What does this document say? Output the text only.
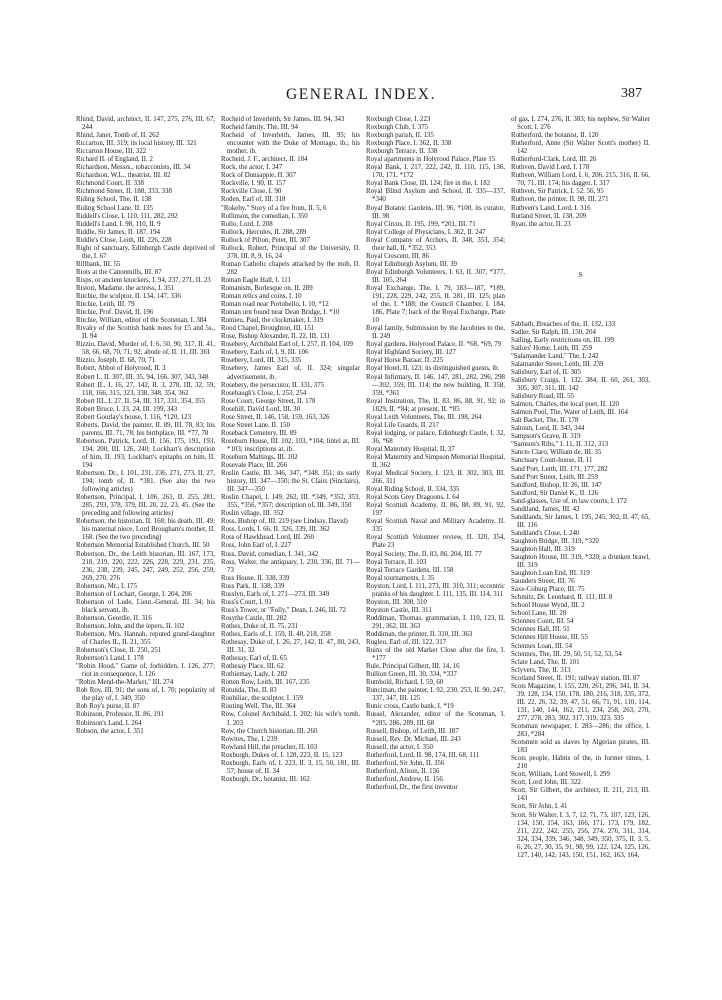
GENERAL INDEX.	387

Rhind, David, architect, II. 147, 275, 276, III. 67, 244

Rhind, Janet, Tomb of, II. 262

Riccarton, III. 319; its local history, III. 321

Riccarton House, III. 322

Richard II. of England, II. 2

Richardson, Messrs., tobacconists, III. 34

Richardson, W.L., theatrist, III. 82

Richmond Court, II. 338

Richmond Street, II. 188, 333, 338

Riding School, The, II. 138

Riding School Lane, II. 135

Riddell's Close, I. 110, 111, 282, 292

Riddell's Land, I. 98, 110, II. 9

Riddle, Sir James, II. 187, 194

Riddle's Close, Leith, III. 226, 228

Right of sanctuary, Edinburgh Castle deprived of the, I. 67

Rillbank, III. 55

Riots at the Canonmills, III. 87

Risps, or ancient knockers, I. 94, 237, 271, II. 23

Ristori, Madame, the actress, I. 351

Ritchie, the sculptor, II. 134, 147, 336

Ritchie, Leith, III. 79

Ritchie, Prof. David, II. 196

Ritchie, William, editor of the Scotsman, I. 384

Rivalry of the Scottish bank notes for £5 and 5s., II. 94

Rizzio, David, Murder of, I. 6, 50, 90, 317, II. 41, 58, 66, 68, 70, 71, 92; abode of, II. 11, III. 361

Rizzio, Joseph, II. 68, 70, 71

Robert, Abbot of Holyrood, II. 3

Robert I., II. 307, III. 35, 94, 166, 307, 343, 348

Robert II., I. 16, 27, 142, II. 3, 278, III. 32, 59, 118, 166, 315, 323, 338, 348, 354, 362

Robert III., I. 27, II. 54, III. 317, 331, 354, 355

Robert Bruce, I. 23, 24, III. 199, 343

Robert Gourlay's house, I. 116, *120, 123

Roberts, David, the painter, II. 89, III. 78, 83; his parents, III. 71, 78; his birthplace, III. *77, 78

Robertson, Patrick, Lord, II. 156, 175, 191, 193, 194, 200, III. 126, 240; Lockhart's description of him, II. 193; Lockhart's epitaphs on him, II. 194

Robertson, Dr., I. 101, 231, 236, 271, 273, II. 27, 194; tomb of, II. *381. (See also the two following articles)

Robertson, Principal, I. 106, 261, II. 255, 281, 285, 293, 378, 379, III. 20, 22, 23, 45. (See the preceding and following articles)

Robertson, the historian, II. 168; his death, III. 49; his maternal niece, Lord Brougham's mother, II. 168. (See the two preceding)

Robertson Memorial Established Church, III. 50

Robertson, Dr., the Leith historian, III. 167, 173, 218, 219, 220, 222, 226, 228, 229, 231, 235, 236, 238, 239, 245, 247, 249, 252, 256, 259, 269, 270, 276

Robertson, Mr., I. 175

Robertson of Lochart, George, I. 204, 206

Robertson of Lude, Lieut.-General, III. 34; his black servant, ib.

Robertson, Geordie, II. 316

Robertson, John, and the lepers, II. 102

Robertson, Mrs. Hannah, reputed grand-daughter of Charles II., II. 21, 355

Robertson's Close, II. 250, 251

Robertson's Land, I. 178

"Robin Hood," Game of, forbidden, I. 126, 277; riot in consequence, I. 126

"Robin Mend-the-Market," III. 274

Rob Roy, III. 91; the sons of, I. 70; popularity of the play of, I. 349, 350

Rob Roy's purse, II. 87

Robinson, Professor, II. 86, 191

Robinson's Land, I. 264

Robson, the actor, I. 351

Rocheid of Inverleith, Sir James, III. 94, 343

Rocheid family, The, III. 94

Rocheid of Inverleith, James, III. 95; his encounter with the Duke of Montagu, ib.; his mother, ib.

Rocheid, J. F., architect, II. 184

Rock, the actor, I. 347

Rock of Dunsappie, II. 307

Rockville, I. 90, II. 157

Rockville Close, I. 90

Roden, Earl of, III. 318

"Rokeby," Story of a fire from, II. 5, 6

Rollinson, the comedian, I. 350

Rollo, Lord, I. 208

Rollock, Hercules, II. 288, 289

Rollock of Pilton, Peter, III. 307

Rollock, Robert, Principal of the University, II. 378, III. 8, 9, 16, 24

Roman Catholic chapels attacked by the mob, II. 282

Roman Eagle Hall, I. 111

Romanism, Burlesque on, II. 289

Roman relics and coins, I. 10

Roman road near Portobello, I. 10, *12

Roman urn found near Dean Bridge, I. *10

Romieu, Paul, the clockmaker, I. 319

Rood Chapel, Broughton, III. 151

Rose, Bishop Alexander, II. 22, III. 131

Rosebery, Archibald Earl of, I. 257, II. 104, 109

Rosebery, Earls of, I. 9, III. 106

Rosebery, Lord, III. 315, 335

Rosebery, James Earl of, II. 324; singular advertisement, ib.

Rosebery, the persecutor, II. 331, 375

Rosebaugh's Close, I. 253, 254

Rose Court, George Street, II. 178

Rosehill, David Lord, III. 30

Rose Street, II. 146, 158, 159, 163, 326

Rose Street Lane, II. 150

Roseback Cemetery, III. 89

Roseburn House, III. 102, 103, *104; lintel at, III. *103; inscriptions at, ib.

Roseburn Maltings, III. 102

Rosevale Place, III. 266

Roslin Castle, III. 346, 347, *348, 351; its early history, III. 347—350; the St. Clairs (Sinclairs), III. 347—350

Roslin Chapel, I. 149, 262, III. *349, *352, 353, 355, *356, *357; description of, III. 349, 350

Roslin village, III. 352

Ross, Bishop of, III. 219 (see Lindsay, David)

Ross, Lords, I. 66, II. 326, 339, III. 362

Ross of Hawkhead, Lord, III. 260

Ross, John Earl of, I. 227

Ross, David, comedian, I. 341, 342

Ross, Walter, the antiquary, I. 230, 336, III. 71—73

Ross House, II. 338, 339

Ross Park, II. 338, 339

Rosslyn, Earls of, I. 271—273, III. 349

Ross's Court, I. 91

Ross's Tower, or "Folly," Dean, I. 246, III. 72

Rosythe Castle, III. 282

Rothes, Duke of, II. 75, 231

Rothes, Earls of, I. 159, II. 40, 218, 258

Rothesay, Duke of, I. 26, 27, 142, II. 47, 80, 243, III. 31, 32

Rothesay, Earl of, II. 65

Rothesay Place, III. 62

Rothiemay, Lady, I. 282

Rotten Row, Leith, III. 167, 235

Rotunda, The, II. 83

Roubiliac, the sculptor, I. 159

Routing Well, The, III. 364

Row, Colonel Archibald, I. 202; his wife's tomb, I. 203

Row, the Church historian, III. 260

Rowites, The, I. 239

Rowland Hill, the preacher, II. 103

Roxburgh, Dukes of, I. 128, 223, II. 15, 123

Roxburgh, Earls of, I. 223, II. 3, 15, 50, 181, III. 57; house of, II. 34

Roxburgh, Dr., botanist, III. 162

Roxburgh Close, I. 223

Roxburgh Club, I. 375

Roxburgh parish, II. 135

Roxburgh Place, I. 362, II. 338

Roxburgh Terrace, II. 338

Royal apartments in Holyrood Palace, Plate 15

Royal Bank, I. 217, 222, 242, II. 110, 115, 136, 170, 171, *172

Royal Bank Close, III. 124; fire in the, I. 182

Royal Blind Asylum and School, II. 335—337, *340

Royal Botanic Gardens, III. 96, *100, its curator, III. 98

Royal Circus, II. 195, 199, *201, III. 71

Royal College of Physicians, I. 362, II. 247

Royal Company of Archers, II. 348, 353, 354; their hall, II. *352, 353

Royal Crescent, III. 86

Royal Edinburgh Asylum, III. 39

Royal Edinburgh Volunteers, I. 63, II. 307, *377, III. 105, 264

Royal Exchange, The, I. 79, 183—187, *189, 191, 228, 229, 242, 255, II. 281, III. 125; plan of the, I. *188; the Council Chamber, I. 184, 186, Plate 7; back of the Royal Exchange, Plate 10

Royal family, Submission by the Jacobites to the, II. 249

Royal gardens, Holyrood Palace, II. *68, *69, 79

Royal Highland Society, III. 127

Royal Horse Bazaar, II. 225

Royal Hotel, II. 123; its distinguished guests, ib.

Royal Infirmary, II. 146, 147, 281, 282, 296, 298—302, 359, III. 114; the new building, II. 358, 359, *361

Royal Institution, The, II. 83, 86, 88, 91, 92; in 1829, II. *84; at present, II. *85

Royal Leith Volunteers, The, III. 198, 264

Royal Life Guards, II. 217

Royal lodging, or palace, Edinburgh Castle, I. 32, 36, *68

Royal Maternity Hospital, II. 37

Royal Maternity and Simpson Memorial Hospital, II. 362

Royal Medical Society, I. 123, II. 302, 303, III. 266, 311

Royal Riding School, II. 334, 335

Royal Scots Grey Dragoons, I. 64

Royal Scottish Academy, II. 86, 88, 89, 91, 92, 197

Royal Scottish Naval and Military Academy, II. 335

Royal Scottish Volunteer review, II. 320, 354, Plate 23

Royal Society, The, II. 83, 86, 204, III. 77

Royal Terrace, II. 103

Royal Terrace Gardens, III. 158

Royal tournaments, I. 35

Royston, Lord, I. 111, 273, III. 310, 311; eccentric pranks of his daughter, I. 111, 135, III. 114, 311

Royston, III. 308, 310

Royston Castle, III. 311

Ruddiman, Thomas, grammarian, I. 110, 123, II. 291, 362, III. 363

Ruddiman, the printer, II. 310, III. 363

Rugleu, Earl of, III. 122, 317

Ruins of the old Market Close after the fire, I. *177

Rule, Principal Gilbert, III. 14, 16

Rullion Green, III. 30, 334, *337

Rumbold, Richard, I. 59, 60

Runciman, the painter, I. 92, 230, 253, II. 90, 247, 337, 347, III. 125

Runic cross, Castle bank, I. *19

Russel, Alexander, editor of the Scotsman, I. *285, 286, 289, III. 68

Russell, Bishop, of Leith, III. 187

Russell, Rev. Dr. Michael, III. 243

Russell, the actor, I. 350

Rutherford, Lord, II. 98, 174, III. 68, 111

Rutherford, Sir John, II. 356

Rutherford, Alison, II. 156

Rutherford, Andrew, II. 156

Rutherford, Dr., the first inventor

of gas, I. 274, 276, II. 383; his nephew, Sir Walter Scott, I. 276

Rutherford, the botanist, II. 120

Rutherford, Anne (Sir Walter Scott's mother) II. 142

Rutherfurd-Clark, Lord, III. 26

Ruthven, David Lord, I. 178

Ruthven, William Lord, I. 6, 206, 215, 316, II. 66, 70, 71, III. 174; his dagger, I. 317

Ruthven, Sir Patrick, I. 52, 56, 95

Ruthven, the printer, II. 98, III. 271

Ruthven's Land, Lord, I. 316

Rutland Street, II. 138, 209

Ryan, the actor, II. 23

S

Sabbath, Breaches of the, II. 132, 133

Sadler, Sir Ralph, III. 150, 204

Sailing, Early restrictions on, III. 199

Sailors' Home, Leith, III. 259

"Salamander Land," The, I. 242

Salamander Street, Leith, III. 239

Salisbury, Earl of, II. 305

Salisbury Craigs, I. 132, 384, II. 60, 261, 303, 305, 307, 311, III. 142

Salisbury Road, III. 55

Salmon, Charles, the local poet, II. 120

Salmon Pool, The, Water of Leith, III. 164

Salt Backet, The, II. 178

Saltoun, Lord, II. 343, 344

Sampson's Grave, II. 319

"Samson's Ribs," I. 11, II. 312, 313

Sancto Claro, William de, III. 35

Sanctuary Court-house, II. 11

Sand Port, Leith, III. 171, 177, 282

Sand Port Street, Leith, III. 259

Sandford, Bishop, II. 26, III. 147

Sandford, Sir Daniel K., II. 126

Sand-glasses, Use of, in law courts, I. 172

Sandiland, James, III. 42

Sandilands, Sir James, I. 195, 245, 302, II. 47, 65, III. 116

Sandiland's Close, I. 240

Saughton Bridge, III. 319, *320

Saughton Hall, III. 319

Saughton House, III. 319, *320; a drunken brawl, III. 319

Saughton Loan End, III. 319

Saunders Street, III. 76

Saxe-Coburg Place, III. 75

Schmitz, Dr. Leonhard, II. 111, III. 8

School House Wynd, III. 2

School Lane, III. 28

Sciennes Court, III. 54

Sciennes Hall, III. 51

Sciennes Hill House, III. 55

Sciennes Loan, III. 54

Sciennes, The, III. 29, 50, 51, 52, 53, 54

Sclate Land, The, II. 101

Sclyvers, The, II. 313

Scotland Street, II. 191; railway station, III. 87

Scots Magazine, I. 155, 220, 261, 296, 341, II. 34, 39, 128, 134, 150, 178, 180, 216, 318, 335, 372, III. 22, 26, 32, 39, 47, 51, 66, 71, 91, 110, 114, 131, 140, 144, 162, 211, 234, 258, 263, 270, 277, 278, 283, 302, 317, 319, 323, 335

Scotsman newspaper, I. 283—286; the office, I. 283, *284

Scotsmen sold as slaves by Algerian pirates, III. 183

Scots people, Habits of the, in former times, I. 210

Scott, William, Lord Stowell, I. 299

Scott, Lord John, III. 322

Scott, Sir Gilbert, the architect, II. 211, 213, III. 143

Scott, Sir John, I. 41

Scott, Sir Walter, I. 3, 7, 12, 71, 73, 107, 123, 126, 134, 150, 154, 163, 166, 171, 173, 179, 182, 211, 222, 242, 255, 256, 274, 276, 311, 314, 324, 334, 339, 346, 348, 349, 350, 375, II. 3, 5, 6, 26, 27, 30, 35, 91, 98, 99, 122, 124, 125, 126, 127, 140, 142, 143, 150, 151, 162, 163, 164,
